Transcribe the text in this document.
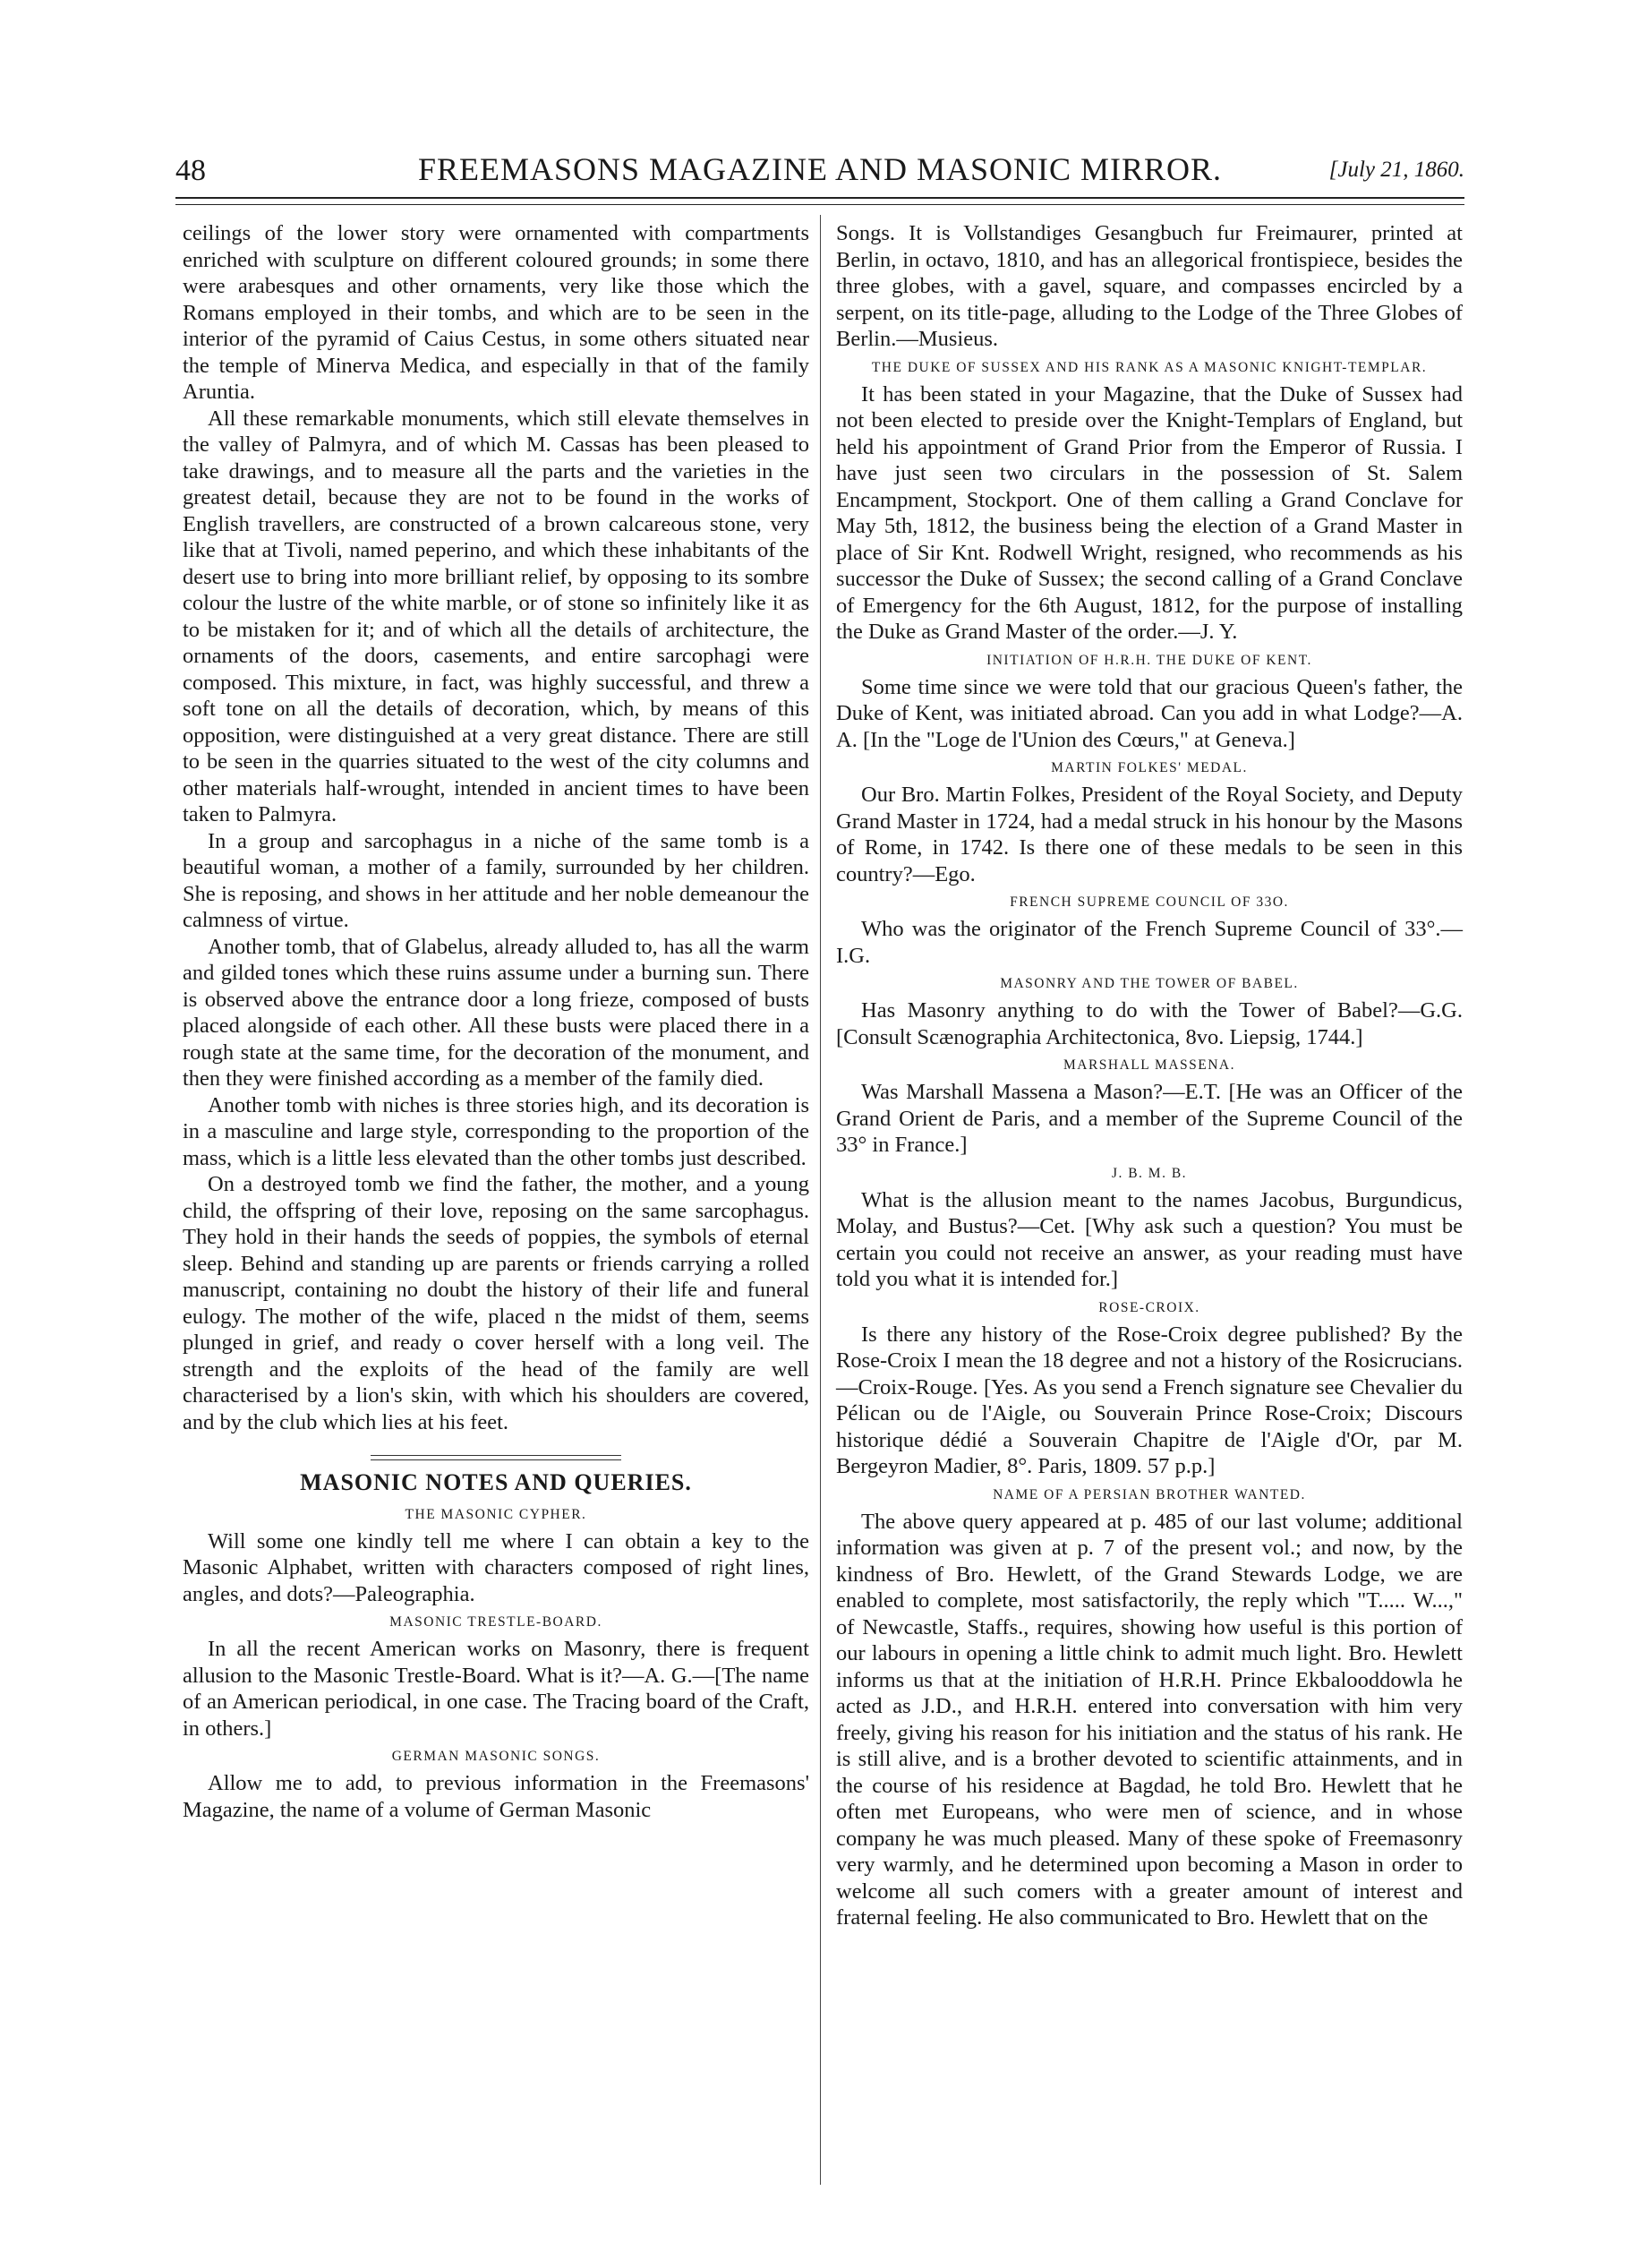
48	FREEMASONS MAGAZINE AND MASONIC MIRROR.	[July 21, 1860.

ceilings of the lower story were ornamented with compartments enriched with sculpture on different coloured grounds; in some there were arabesques and other ornaments, very like those which the Romans employed in their tombs, and which are to be seen in the interior of the pyramid of Caius Cestus, in some others situated near the temple of Minerva Medica, and especially in that of the family Aruntia.

All these remarkable monuments, which still elevate themselves in the valley of Palmyra, and of which M. Cassas has been pleased to take drawings, and to measure all the parts and the varieties in the greatest detail, because they are not to be found in the works of English travellers, are constructed of a brown calcareous stone, very like that at Tivoli, named peperino, and which these inhabitants of the desert use to bring into more brilliant relief, by opposing to its sombre colour the lustre of the white marble, or of stone so infinitely like it as to be mistaken for it; and of which all the details of architecture, the ornaments of the doors, casements, and entire sarcophagi were composed. This mixture, in fact, was highly successful, and threw a soft tone on all the details of decoration, which, by means of this opposition, were distinguished at a very great distance. There are still to be seen in the quarries situated to the west of the city columns and other materials half-wrought, intended in ancient times to have been taken to Palmyra.

In a group and sarcophagus in a niche of the same tomb is a beautiful woman, a mother of a family, surrounded by her children. She is reposing, and shows in her attitude and her noble demeanour the calmness of virtue.

Another tomb, that of Glabelus, already alluded to, has all the warm and gilded tones which these ruins assume under a burning sun. There is observed above the entrance door a long frieze, composed of busts placed alongside of each other. All these busts were placed there in a rough state at the same time, for the decoration of the monument, and then they were finished according as a member of the family died.

Another tomb with niches is three stories high, and its decoration is in a masculine and large style, corresponding to the proportion of the mass, which is a little less elevated than the other tombs just described.

On a destroyed tomb we find the father, the mother, and a young child, the offspring of their love, reposing on the same sarcophagus. They hold in their hands the seeds of poppies, the symbols of eternal sleep. Behind and standing up are parents or friends carrying a rolled manuscript, containing no doubt the history of their life and funeral eulogy. The mother of the wife, placed n the midst of them, seems plunged in grief, and ready o cover herself with a long veil. The strength and the exploits of the head of the family are well characterised by a lion's skin, with which his shoulders are covered, and by the club which lies at his feet.

MASONIC NOTES AND QUERIES.
THE MASONIC CYPHER.

Will some one kindly tell me where I can obtain a key to the Masonic Alphabet, written with characters composed of right lines, angles, and dots?—Paleographia.

MASONIC TRESTLE-BOARD.

In all the recent American works on Masonry, there is frequent allusion to the Masonic Trestle-Board. What is it?—A. G.—[The name of an American periodical, in one case. The Tracing board of the Craft, in others.]

GERMAN MASONIC SONGS.

Allow me to add, to previous information in the Freemasons' Magazine, the name of a volume of German Masonic

Songs. It is Vollstandiges Gesangbuch fur Freimaurer, printed at Berlin, in octavo, 1810, and has an allegorical frontispiece, besides the three globes, with a gavel, square, and compasses encircled by a serpent, on its title-page, alluding to the Lodge of the Three Globes of Berlin.—Musieus.

THE DUKE OF SUSSEX AND HIS RANK AS A MASONIC KNIGHT-TEMPLAR.

It has been stated in your Magazine, that the Duke of Sussex had not been elected to preside over the Knight-Templars of England, but held his appointment of Grand Prior from the Emperor of Russia. I have just seen two circulars in the possession of St. Salem Encampment, Stockport. One of them calling a Grand Conclave for May 5th, 1812, the business being the election of a Grand Master in place of Sir Knt. Rodwell Wright, resigned, who recommends as his successor the Duke of Sussex; the second calling of a Grand Conclave of Emergency for the 6th August, 1812, for the purpose of installing the Duke as Grand Master of the order.—J. Y.

INITIATION OF H.R.H. THE DUKE OF KENT.

Some time since we were told that our gracious Queen's father, the Duke of Kent, was initiated abroad. Can you add in what Lodge?—A. A. [In the "Loge de l'Union des Cœurs," at Geneva.]

MARTIN FOLKES' MEDAL.

Our Bro. Martin Folkes, President of the Royal Society, and Deputy Grand Master in 1724, had a medal struck in his honour by the Masons of Rome, in 1742. Is there one of these medals to be seen in this country?—Ego.

FRENCH SUPREME COUNCIL OF 33O.

Who was the originator of the French Supreme Council of 33°.—I.G.

MASONRY AND THE TOWER OF BABEL.

Has Masonry anything to do with the Tower of Babel?—G.G. [Consult Scænographia Architectonica, 8vo. Liepsig, 1744.]

MARSHALL MASSENA.

Was Marshall Massena a Mason?—E.T. [He was an Officer of the Grand Orient de Paris, and a member of the Supreme Council of the 33° in France.]

J. B. M. B.

What is the allusion meant to the names Jacobus, Burgundicus, Molay, and Bustus?—Cet. [Why ask such a question? You must be certain you could not receive an answer, as your reading must have told you what it is intended for.]

ROSE-CROIX.

Is there any history of the Rose-Croix degree published? By the Rose-Croix I mean the 18 degree and not a history of the Rosicrucians.—Croix-Rouge. [Yes. As you send a French signature see Chevalier du Pélican ou de l'Aigle, ou Souverain Prince Rose-Croix; Discours historique dédié a Souverain Chapitre de l'Aigle d'Or, par M. Bergeyron Madier, 8°. Paris, 1809. 57 p.p.]

NAME OF A PERSIAN BROTHER WANTED.

The above query appeared at p. 485 of our last volume; additional information was given at p. 7 of the present vol.; and now, by the kindness of Bro. Hewlett, of the Grand Stewards Lodge, we are enabled to complete, most satisfactorily, the reply which "T..... W...," of Newcastle, Staffs., requires, showing how useful is this portion of our labours in opening a little chink to admit much light. Bro. Hewlett informs us that at the initiation of H.R.H. Prince Ekbalooddowla he acted as J.D., and H.R.H. entered into conversation with him very freely, giving his reason for his initiation and the status of his rank. He is still alive, and is a brother devoted to scientific attainments, and in the course of his residence at Bagdad, he told Bro. Hewlett that he often met Europeans, who were men of science, and in whose company he was much pleased. Many of these spoke of Freemasonry very warmly, and he determined upon becoming a Mason in order to welcome all such comers with a greater amount of interest and fraternal feeling. He also communicated to Bro. Hewlett that on the
